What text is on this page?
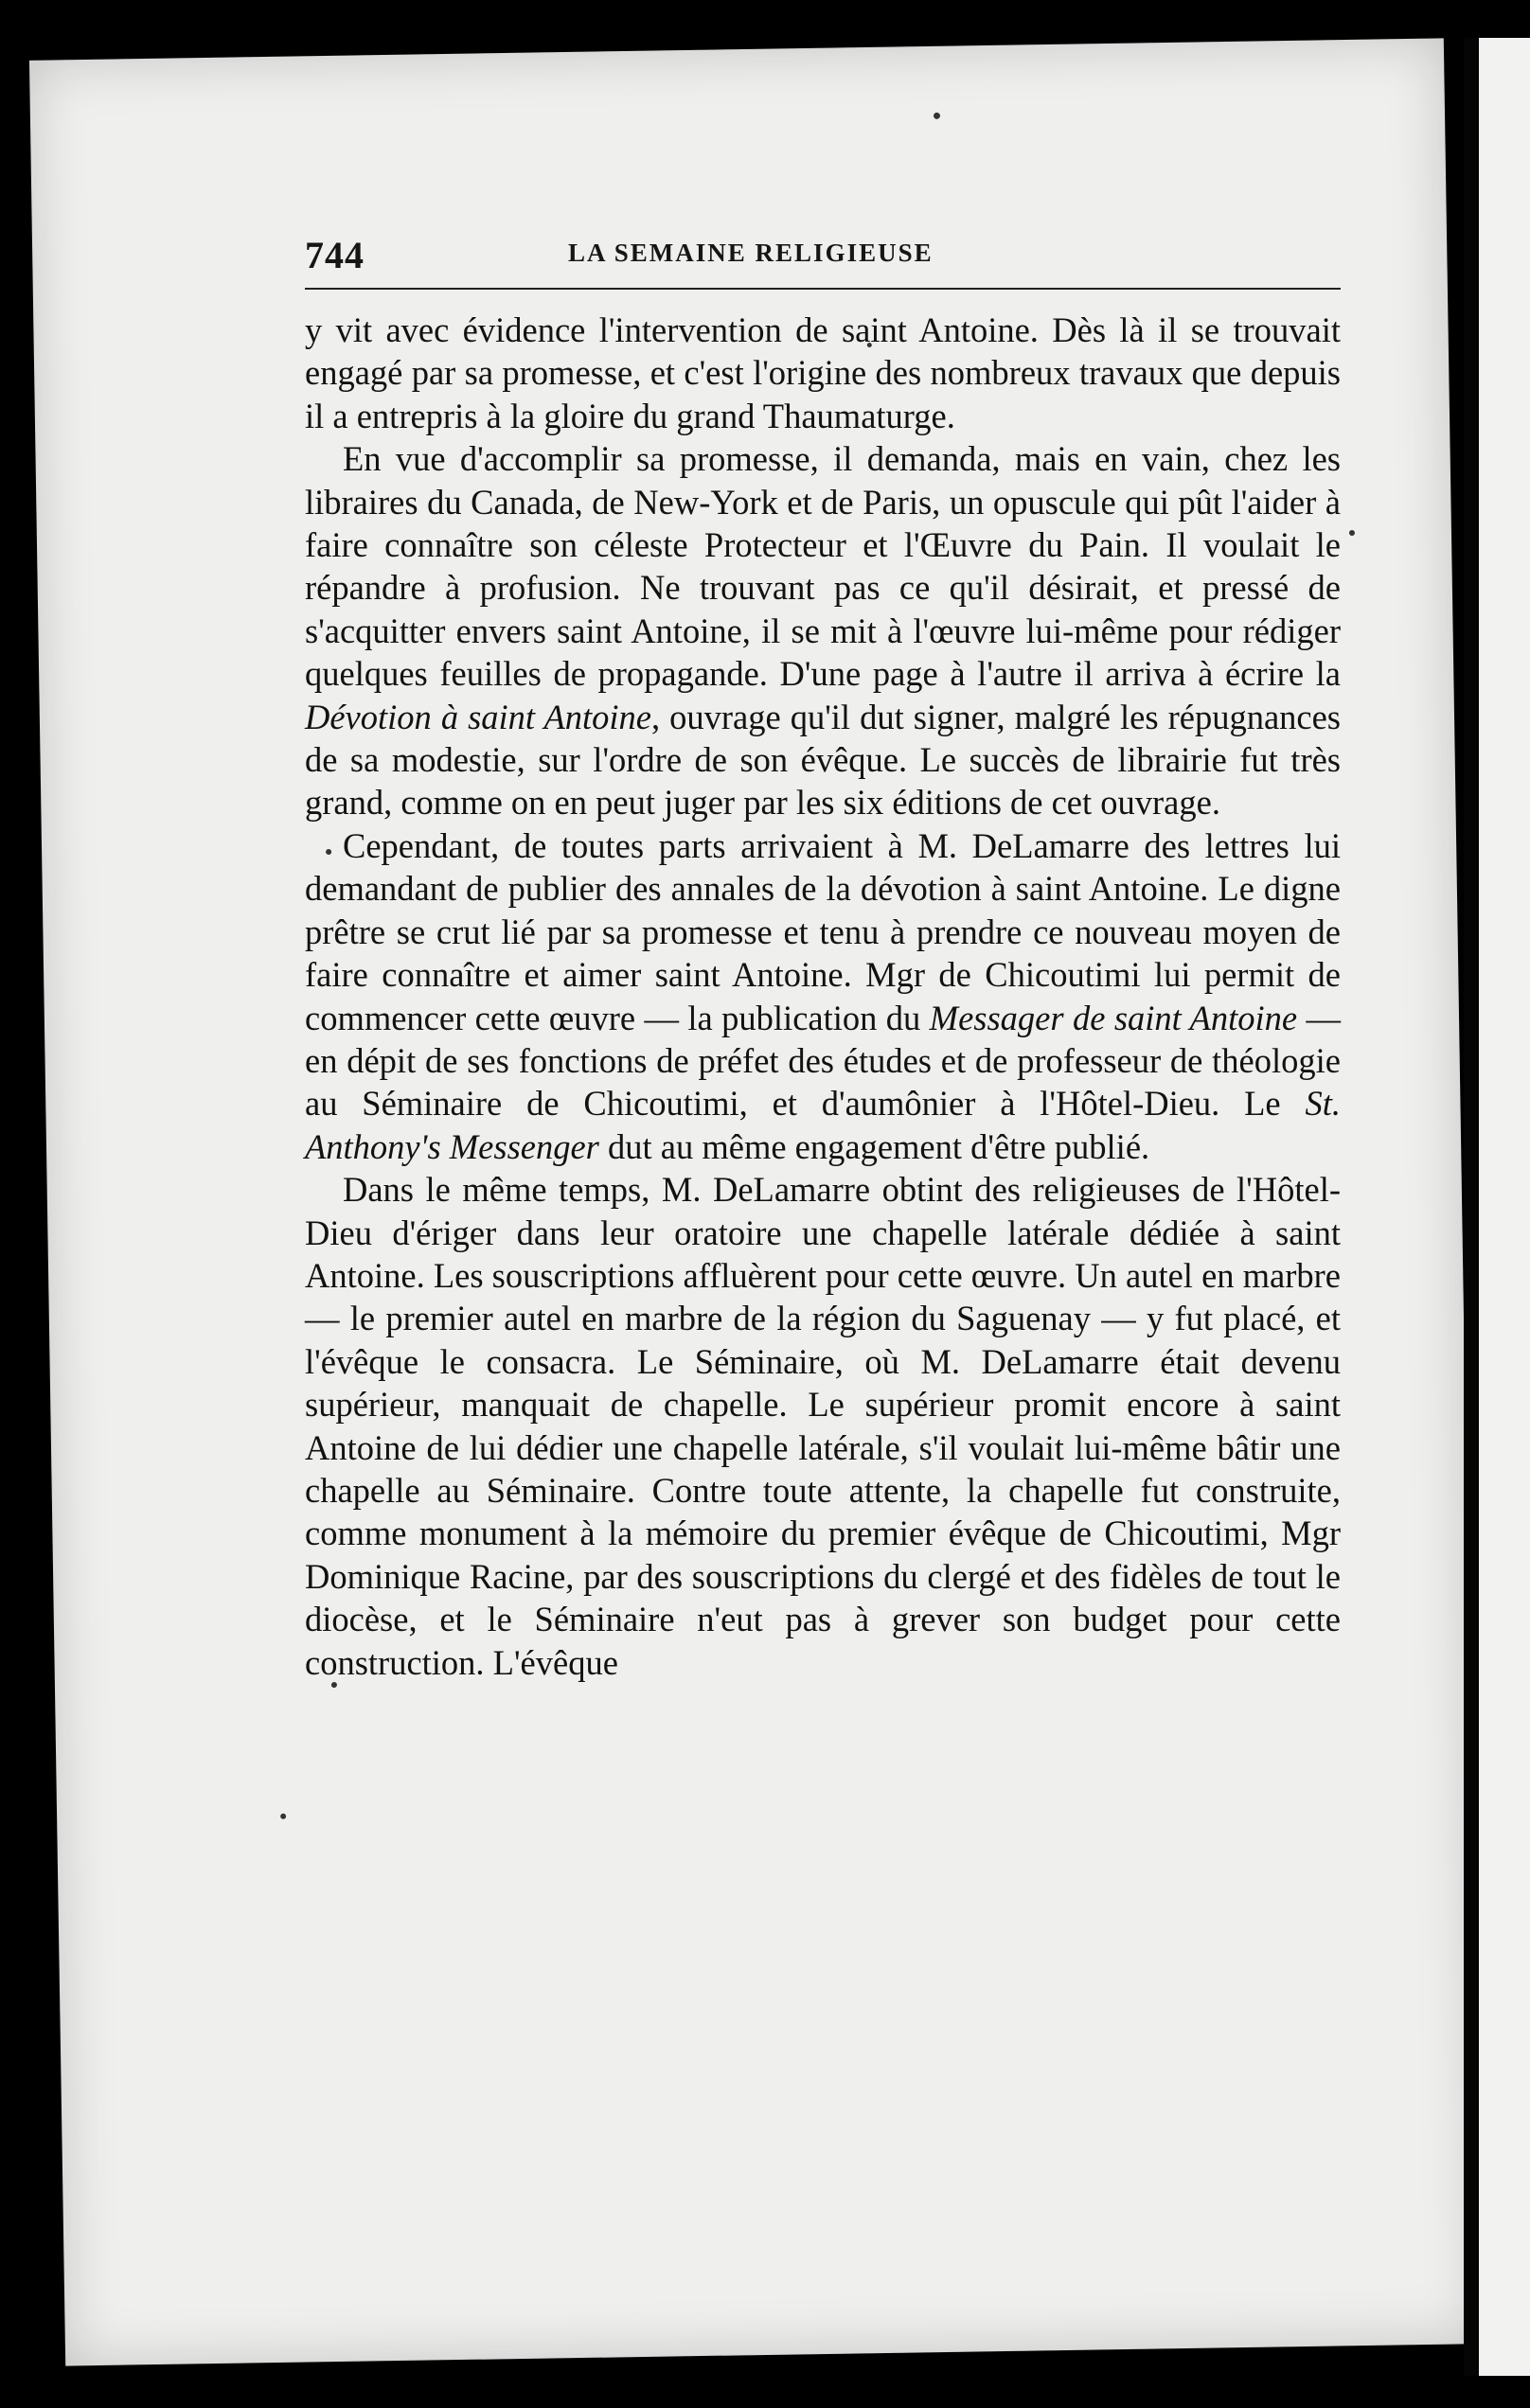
744	LA SEMAINE RELIGIEUSE

y vit avec évidence l'intervention de saint Antoine. Dès là il se trouvait engagé par sa promesse, et c'est l'origine des nombreux travaux que depuis il a entrepris à la gloire du grand Thaumaturge.

En vue d'accomplir sa promesse, il demanda, mais en vain, chez les libraires du Canada, de New-York et de Paris, un opuscule qui pût l'aider à faire connaître son céleste Protecteur et l'Œuvre du Pain. Il voulait le répandre à profusion. Ne trouvant pas ce qu'il désirait, et pressé de s'acquitter envers saint Antoine, il se mit à l'œuvre lui-même pour rédiger quelques feuilles de propagande. D'une page à l'autre il arriva à écrire la Dévotion à saint Antoine, ouvrage qu'il dut signer, malgré les répugnances de sa modestie, sur l'ordre de son évêque. Le succès de librairie fut très grand, comme on en peut juger par les six éditions de cet ouvrage.

Cependant, de toutes parts arrivaient à M. DeLamarre des lettres lui demandant de publier des annales de la dévotion à saint Antoine. Le digne prêtre se crut lié par sa promesse et tenu à prendre ce nouveau moyen de faire connaître et aimer saint Antoine. Mgr de Chicoutimi lui permit de commencer cette œuvre — la publication du Messager de saint Antoine — en dépit de ses fonctions de préfet des études et de professeur de théologie au Séminaire de Chicoutimi, et d'aumônier à l'Hôtel-Dieu. Le St. Anthony's Messenger dut au même engagement d'être publié.

Dans le même temps, M. DeLamarre obtint des religieuses de l'Hôtel-Dieu d'ériger dans leur oratoire une chapelle latérale dédiée à saint Antoine. Les souscriptions affluèrent pour cette œuvre. Un autel en marbre — le premier autel en marbre de la région du Saguenay — y fut placé, et l'évêque le consacra. Le Séminaire, où M. DeLamarre était devenu supérieur, manquait de chapelle. Le supérieur promit encore à saint Antoine de lui dédier une chapelle latérale, s'il voulait lui-même bâtir une chapelle au Séminaire. Contre toute attente, la chapelle fut construite, comme monument à la mémoire du premier évêque de Chicoutimi, Mgr Dominique Racine, par des souscriptions du clergé et des fidèles de tout le diocèse, et le Séminaire n'eut pas à grever son budget pour cette construction. L'évêque
